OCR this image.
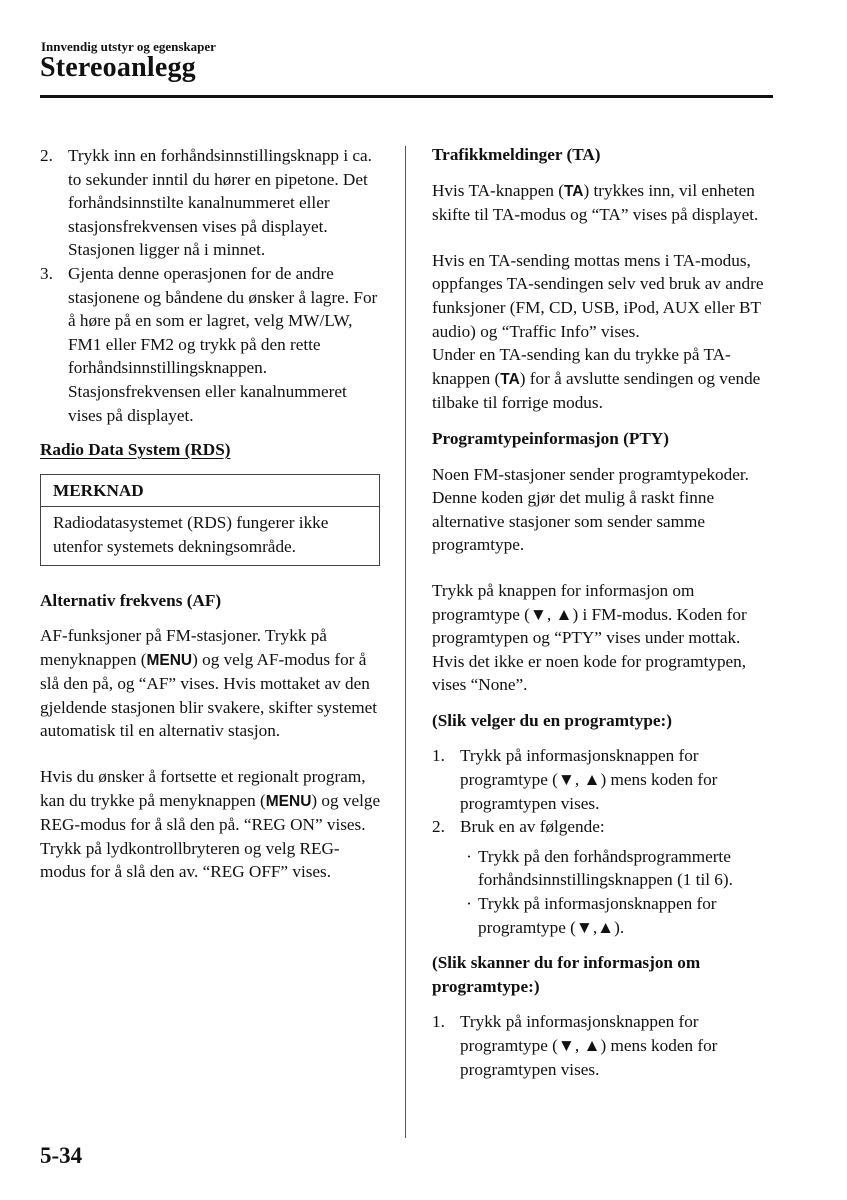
Innvendig utstyr og egenskaper
Stereoanlegg
2. Trykk inn en forhåndsinnstillingsknapp i ca. to sekunder inntil du hører en pipetone. Det forhåndsinnstilte kanalnummeret eller stasjonsfrekvensen vises på displayet. Stasjonen ligger nå i minnet.
3. Gjenta denne operasjonen for de andre stasjonene og båndene du ønsker å lagre. For å høre på en som er lagret, velg MW/LW, FM1 eller FM2 og trykk på den rette forhåndsinnstillingsknappen. Stasjonsfrekvensen eller kanalnummeret vises på displayet.

Radio Data System (RDS)

MERKNAD
Radiodatasystemet (RDS) fungerer ikke utenfor systemets dekningsområde.

Alternativ frekvens (AF)

AF-funksjoner på FM-stasjoner. Trykk på menyknappen (MENU) og velg AF-modus for å slå den på, og “AF” vises. Hvis mottaket av den gjeldende stasjonen blir svakere, skifter systemet automatisk til en alternativ stasjon.

Hvis du ønsker å fortsette et regionalt program, kan du trykke på menyknappen (MENU) og velge REG-modus for å slå den på. “REG ON” vises. Trykk på lydkontrollbryteren og velg REG-modus for å slå den av. “REG OFF” vises.

Trafikkmeldinger (TA)

Hvis TA-knappen (TA) trykkes inn, vil enheten skifte til TA-modus og “TA” vises på displayet.

Hvis en TA-sending mottas mens i TA-modus, oppfanges TA-sendingen selv ved bruk av andre funksjoner (FM, CD, USB, iPod, AUX eller BT audio) og “Traffic Info” vises.

Under en TA-sending kan du trykke på TA-knappen (TA) for å avslutte sendingen og vende tilbake til forrige modus.

Programtypeinformasjon (PTY)

Noen FM-stasjoner sender programtypekoder. Denne koden gjør det mulig å raskt finne alternative stasjoner som sender samme programtype.

Trykk på knappen for informasjon om programtype (▼, ▲) i FM-modus. Koden for programtypen og “PTY” vises under mottak. Hvis det ikke er noen kode for programtypen, vises “None”.

(Slik velger du en programtype:)

1. Trykk på informasjonsknappen for programtype (▼, ▲) mens koden for programtypen vises.
2. Bruk en av følgende:
· Trykk på den forhåndsprogrammerte forhåndsinnstillingsknappen (1 til 6).
· Trykk på informasjonsknappen for programtype (▼,▲).

(Slik skanner du for informasjon om programtype:)

1. Trykk på informasjonsknappen for programtype (▼, ▲) mens koden for programtypen vises.
5-34
